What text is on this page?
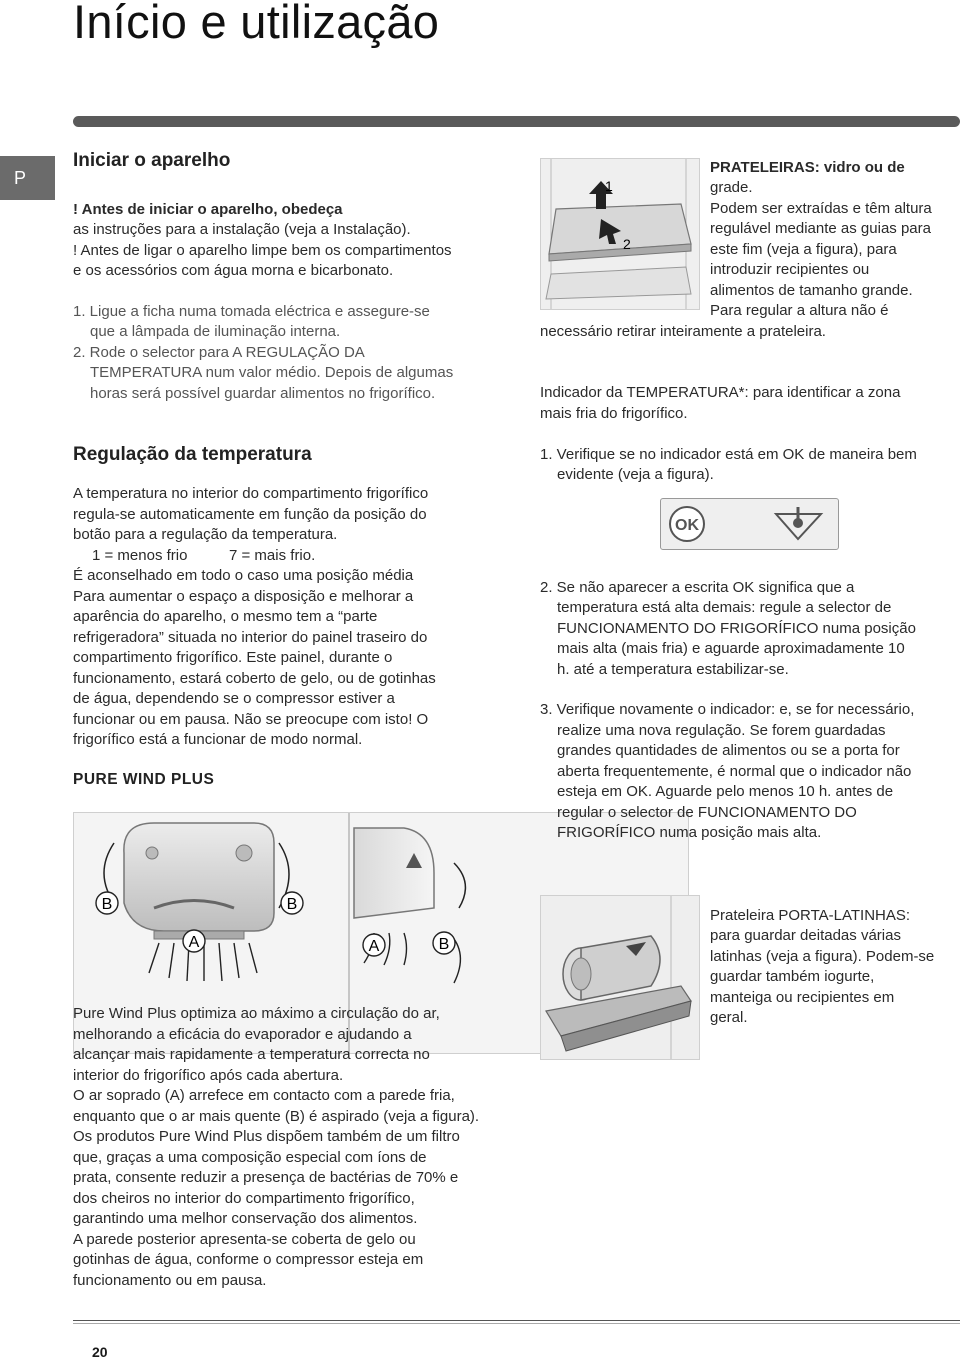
Início e utilização
P
Iniciar o aparelho
! Antes de iniciar o aparelho, obedeça
as instruções para a instalação (veja a Instalação).
! Antes de ligar o aparelho limpe bem os compartimentos
e os acessórios com água morna e bicarbonato.
1. Ligue a ficha numa tomada eléctrica e assegure-se
que a lâmpada de iluminação interna.
2. Rode o selector para A REGULAÇÃO DA
TEMPERATURA num valor médio. Depois de algumas
horas será possível guardar alimentos no frigorífico.
Regulação da temperatura
A temperatura no interior do compartimento frigorífico
regula-se automaticamente em função da posição do
botão para a regulação da temperatura.
1 = menos frio	7 = mais frio.
É aconselhado em todo o caso uma posição média
Para aumentar o espaço a disposição e melhorar a
aparência do aparelho, o mesmo tem a “parte
refrigeradora” situada no interior do painel traseiro do
compartimento frigorífico. Este painel, durante o
funcionamento, estará coberto de gelo, ou de gotinhas
de água, dependendo se o compressor estiver a
funcionar ou em pausa. Não se preocupe com isto! O
frigorífico está a funcionar de modo normal.
PURE WIND PLUS
B	B
A	A	B
Pure Wind Plus optimiza ao máximo a circulação do ar,
melhorando a eficácia do evaporador e ajudando a
alcançar mais rapidamente a temperatura correcta no
interior do frigorífico após cada abertura.
O ar soprado (A) arrefece em contacto com a parede fria,
enquanto que o ar mais quente (B) é aspirado (veja a figura).
Os produtos Pure Wind Plus dispõem também de um filtro
que, graças a uma composição especial com íons de
prata, consente reduzir a presença de bactérias de 70% e
dos cheiros no interior do compartimento frigorífico,
garantindo uma melhor conservação dos alimentos.
A parede posterior apresenta-se coberta de gelo ou
gotinhas de água, conforme o compressor esteja em
funcionamento ou em pausa.
1
2
PRATELEIRAS: vidro ou de
grade.
Podem ser extraídas e têm altura
regulável mediante as guias para
este fim (veja a figura), para
introduzir recipientes ou
alimentos de tamanho grande.
Para regular a altura não é
necessário retirar inteiramente a prateleira.
Indicador da TEMPERATURA*: para identificar a zona
mais fria do frigorífico.
1. Verifique se no indicador está em OK de maneira bem
evidente (veja a figura).
OK
2. Se não aparecer a escrita OK significa que a
temperatura está alta demais: regule a selector de
FUNCIONAMENTO DO FRIGORÍFICO numa posição
mais alta (mais fria) e aguarde aproximadamente 10
h. até a temperatura estabilizar-se.
3. Verifique novamente o indicador: e, se for necessário,
realize uma nova regulação. Se forem guardadas
grandes quantidades de alimentos ou se a porta for
aberta frequentemente, é normal que o indicador não
esteja em OK. Aguarde pelo menos 10 h. antes de
regular o selector de FUNCIONAMENTO DO
FRIGORÍFICO numa posição mais alta.
Prateleira PORTA-LATINHAS:
para guardar deitadas várias
latinhas (veja a figura). Podem-se
guardar também iogurte,
manteiga ou recipientes em
geral.
20
